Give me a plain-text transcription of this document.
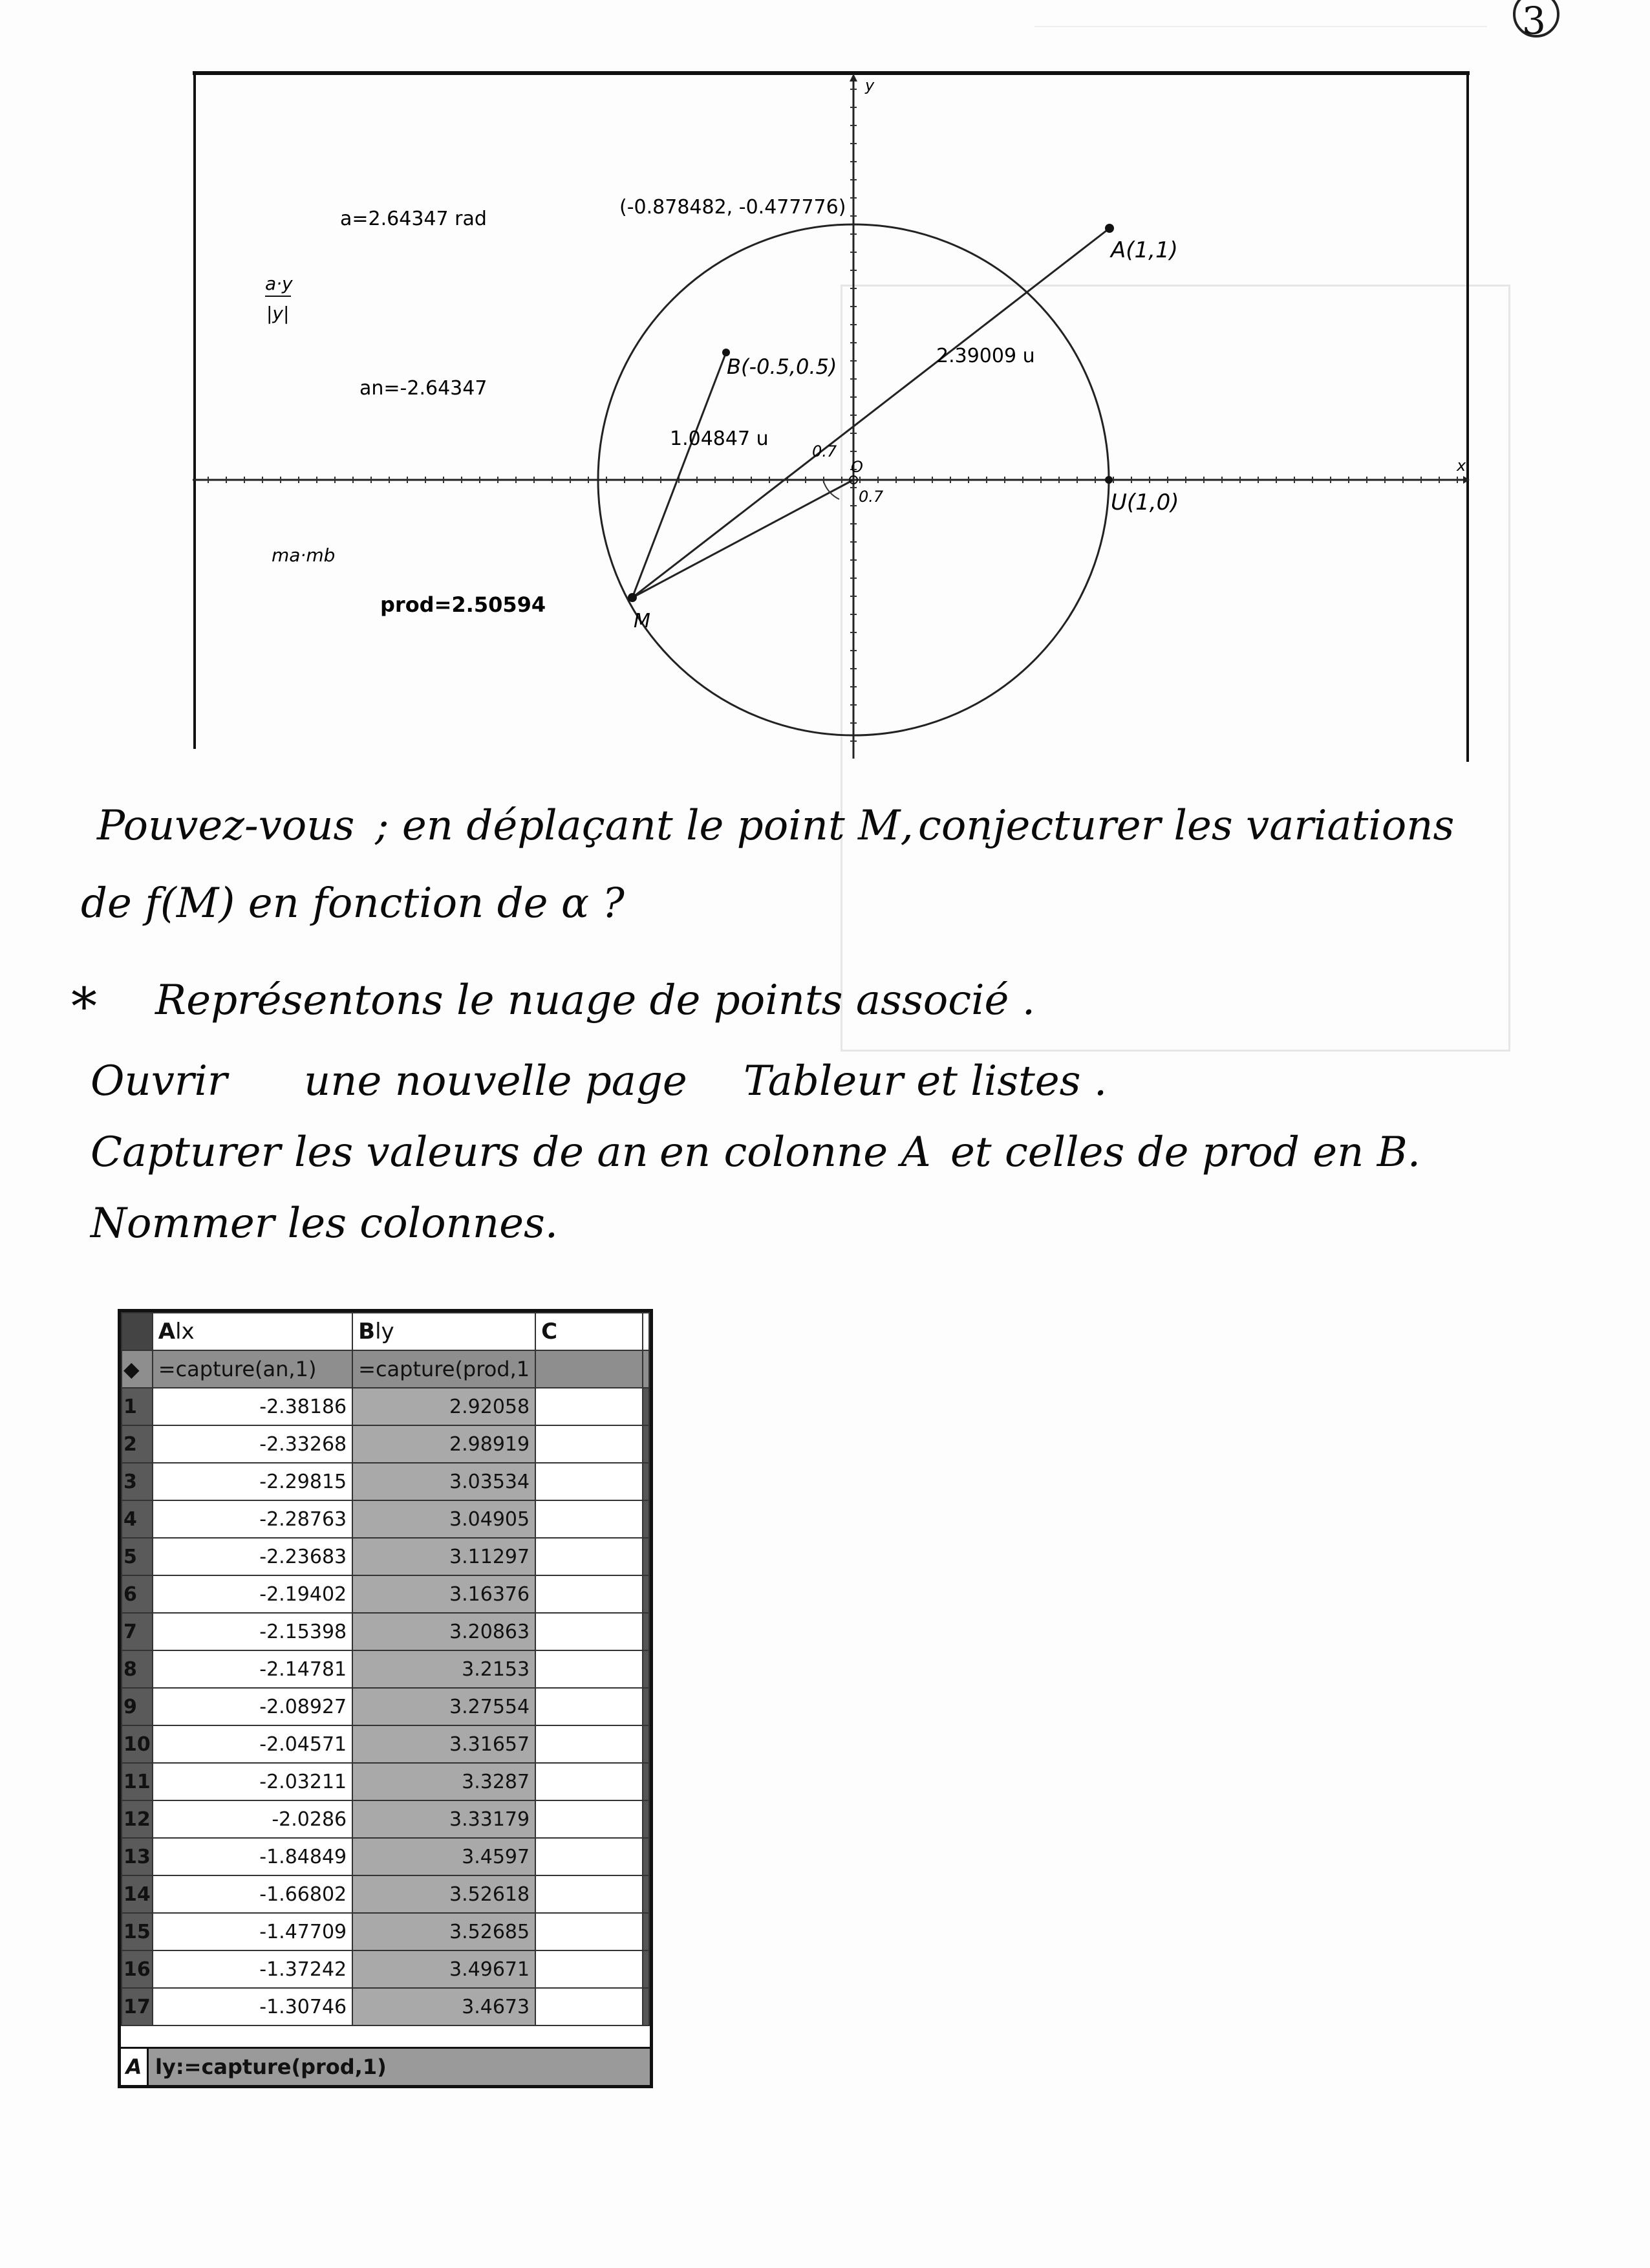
3
a=2.64347 rad
a·y
|y|
an=-2.64347
ma·mb
prod=2.50594
(-0.878482, -0.477776)
A(1,1)
B(-0.5,0.5)
U(1,0)
M
O
2.39009 u
1.04847 u
0.7
0.7
x
y
Pouvez-vous ; en déplaçant le point M, conjecturer les variations
de f(M) en fonction de α ?
* Représentons le nuage de points associé .
Ouvrir une nouvelle page Tableur et listes .
Capturer les valeurs de an en colonne A et celles de prod en B.
Nommer les colonnes.
	Alx	Bly	C	
◆	=capture(an,1)	=capture(prod,1		
1	-2.38186	2.92058		
2	-2.33268	2.98919		
3	-2.29815	3.03534		
4	-2.28763	3.04905		
5	-2.23683	3.11297		
6	-2.19402	3.16376		
7	-2.15398	3.20863		
8	-2.14781	3.2153		
9	-2.08927	3.27554		
10	-2.04571	3.31657		
11	-2.03211	3.3287		
12	-2.0286	3.33179		
13	-1.84849	3.4597		
14	-1.66802	3.52618		
15	-1.47709	3.52685		
16	-1.37242	3.49671		
17	-1.30746	3.4673		
A ly:=capture(prod,1)
